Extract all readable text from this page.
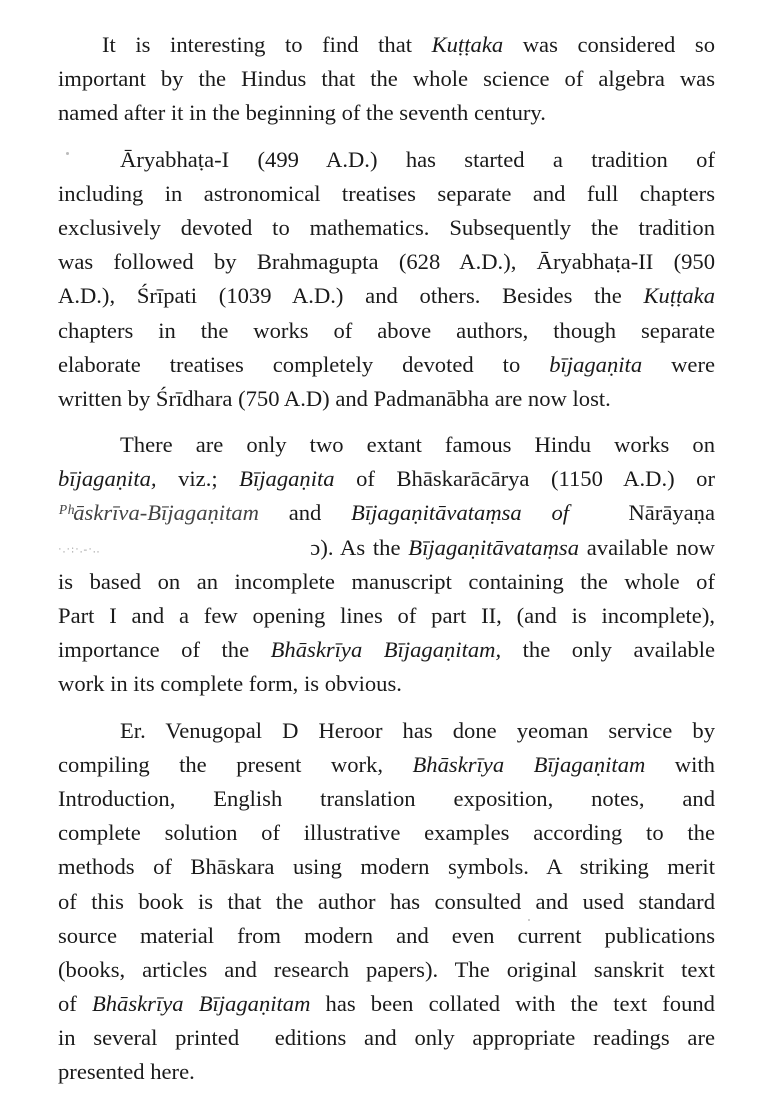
It is interesting to find that Kuṭṭaka was considered so
important by the Hindus that the whole science of algebra was
named after it in the beginning of the seventh century.

Āryabhaṭa-I (499 A.D.) has started a tradition of
including in astronomical treatises separate and full chapters
exclusively devoted to mathematics. Subsequently the tradition
was followed by Brahmagupta (628 A.D.), Āryabhaṭa-II (950
A.D.), Śrīpati (1039 A.D.) and others. Besides the Kuṭṭaka
chapters in the works of above authors, though separate
elaborate treatises completely devoted to bījagaṇita were
written by Śrīdhara (750 A.D) and Padmanābha are now lost.

There are only two extant famous Hindu works on
bījagaṇita, viz.; Bījagaṇita of Bhāskarācārya (1150 A.D.) or
ᴾʰāskrīva-Bījagaṇitam and Bījagaṇitāvataṃsa of  Nārāyaṇa
·.·:·.-·..                           ɔ). As the Bījagaṇitāvataṃsa available now
is based on an incomplete manuscript containing the whole of
Part I and a few opening lines of part II, (and is incomplete),
importance of the Bhāskrīya Bījagaṇitam, the only available
work in its complete form, is obvious.

Er. Venugopal D Heroor has done yeoman service by
compiling the present work, Bhāskrīya Bījagaṇitam with
Introduction, English translation exposition, notes, and
complete solution of illustrative examples according to the
methods of Bhāskara using modern symbols. A striking merit
of this book is that the author has consulted and used standard
source material from modern and even current publications
(books, articles and research papers). The original sanskrit text
of Bhāskrīya Bījagaṇitam has been collated with the text found
in several printed  editions and only appropriate readings are
presented here.
